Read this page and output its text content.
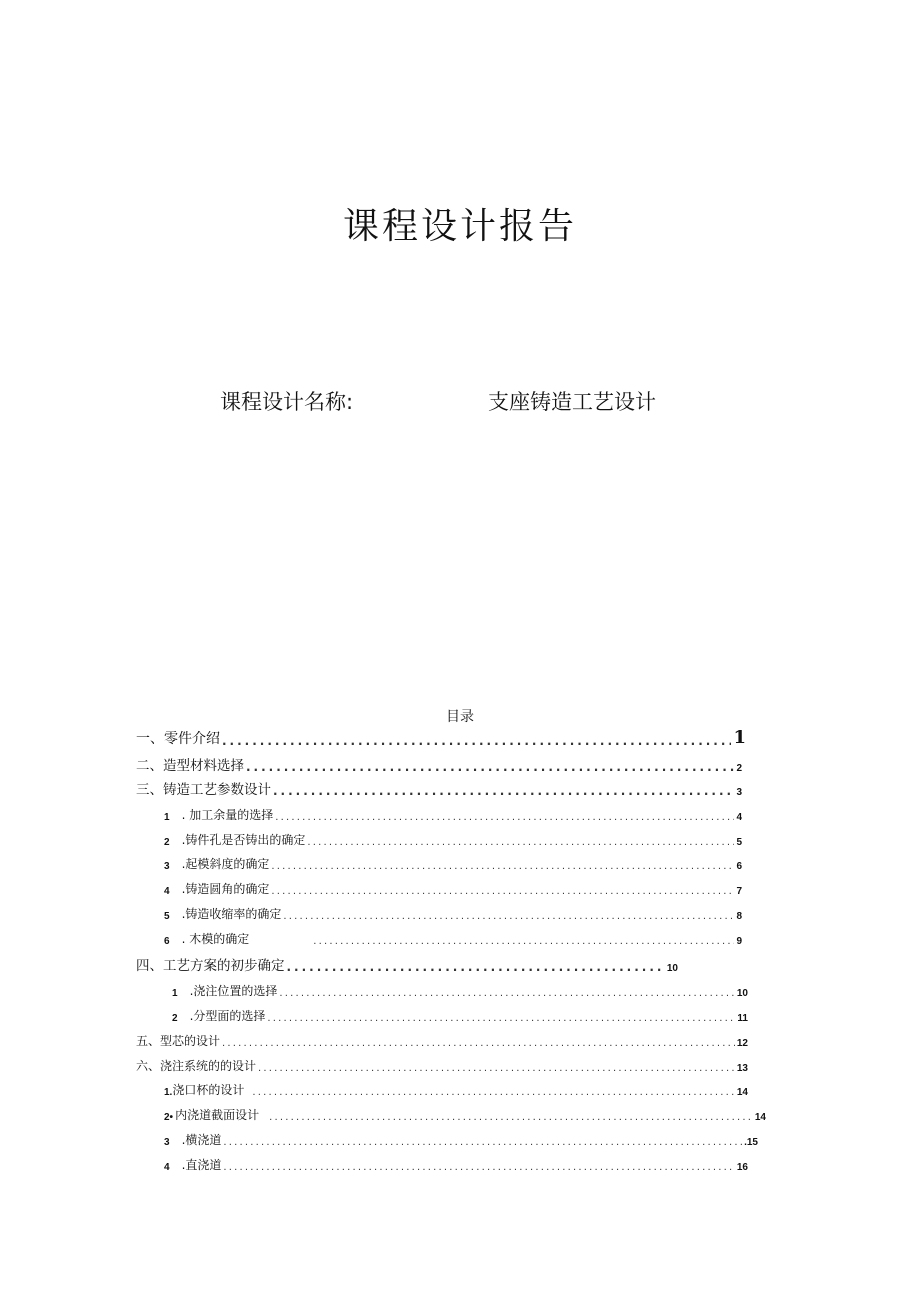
课程设计报告
课程设计名称:	支座铸造工艺设计
目录
一、零件介绍 .....	1
二、造型材料选择 .....	2
三、铸造工艺参数设计 .....	3
1 . 加工余量的选择 .....	4
2 .铸件孔是否铸出的确定 .....	5
3 .起模斜度的确定 .....	6
4 .铸造圆角的确定 .....	7
5 .铸造收缩率的确定 .....	8
6 . 木模的确定 .....	9
四、工艺方案的初步确定 .....	10
1 .浇注位置的选择 .....	10
2 .分型面的选择 .....	11
五、型芯的设计 .....	12
六、浇注系统的的设计 .....	13
1. 浇口杯的设计 .....	14
2• 内浇道截面设计 .....	14
3 .横浇道 .....	.15
4 .直浇道 .....	16
